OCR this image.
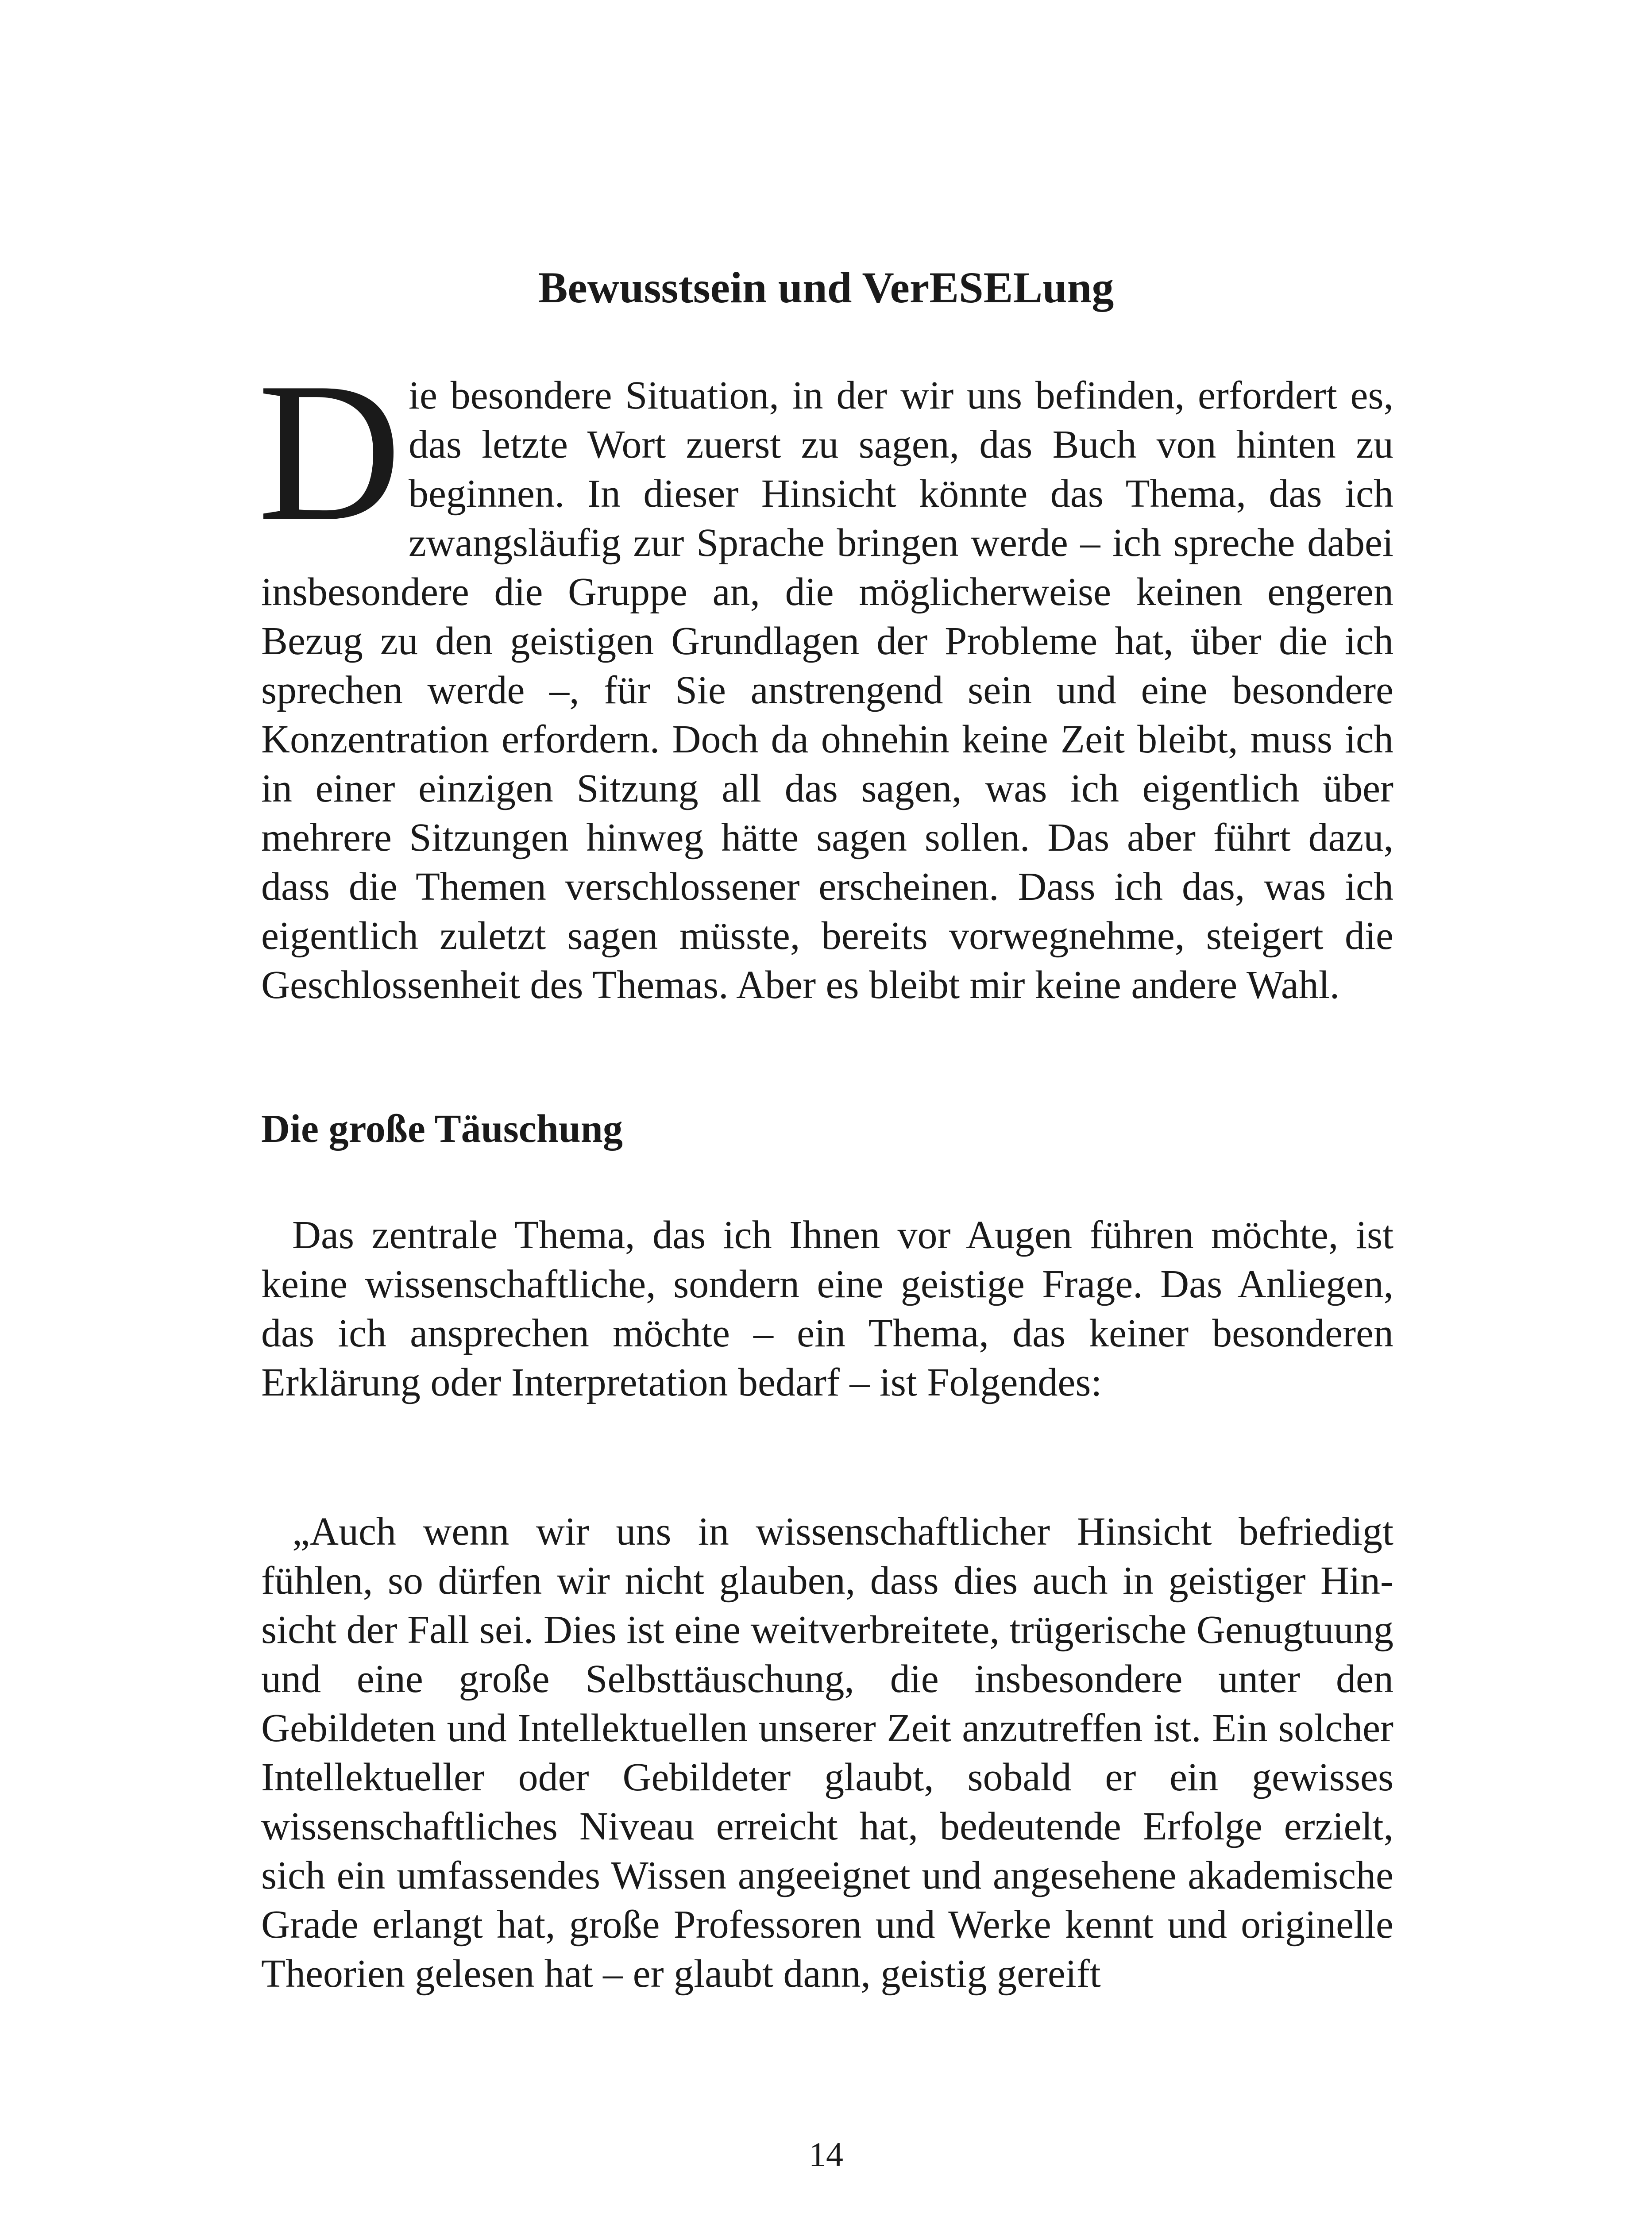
Bewusstsein und VerESELung

Die besondere Situation, in der wir uns befinden, erfordert es, das letzte Wort zuerst zu sagen, das Buch von hinten zu beginnen. In dieser Hinsicht könnte das Thema, das ich zwangsläufig zur Sprache bringen werde – ich spreche dabei insbesondere die Gruppe an, die möglicherweise keinen engeren Bezug zu den geistigen Grundlagen der Probleme hat, über die ich sprechen werde –, für Sie anstrengend sein und eine besondere Konzentration erfordern. Doch da ohnehin keine Zeit bleibt, muss ich in einer einzigen Sitzung all das sagen, was ich eigentlich über mehrere Sitzungen hinweg hätte sagen sollen. Das aber führt dazu, dass die Themen verschlossener erscheinen. Dass ich das, was ich eigentlich zuletzt sagen müsste, bereits vorwegnehme, steigert die Geschlossenheit des Themas. Aber es bleibt mir keine andere Wahl.

Die große Täuschung

Das zentrale Thema, das ich Ihnen vor Augen führen möchte, ist keine wissenschaftliche, sondern eine geistige Frage. Das Anliegen, das ich ansprechen möchte – ein Thema, das keiner besonderen Erklärung oder Interpretation bedarf – ist Folgendes:

„Auch wenn wir uns in wissenschaftlicher Hinsicht befriedigt fühlen, so dürfen wir nicht glauben, dass dies auch in geistiger Hinsicht der Fall sei. Dies ist eine weitverbreitete, trügerische Genugtuung und eine große Selbsttäuschung, die insbesondere unter den Gebildeten und Intellektuellen unserer Zeit anzutreffen ist. Ein solcher Intellektueller oder Gebildeter glaubt, sobald er ein gewisses wissenschaftliches Niveau erreicht hat, bedeutende Erfolge erzielt, sich ein umfassendes Wissen angeeignet und angesehene akademische Grade erlangt hat, große Professoren und Werke kennt und originelle Theorien gelesen hat – er glaubt dann, geistig gereift

14
